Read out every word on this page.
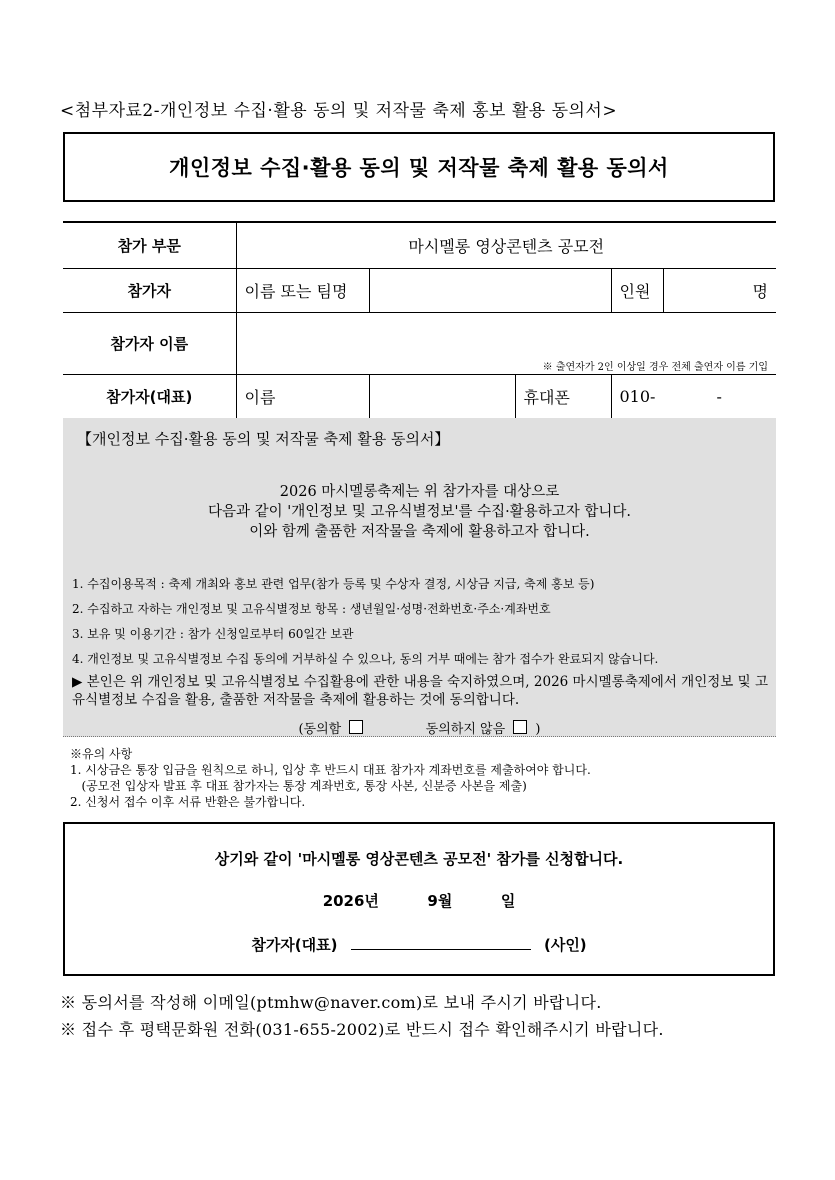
<첨부자료2-개인정보 수집·활용 동의 및 저작물 축제 홍보 활용 동의서>
개인정보 수집·활용 동의 및 저작물 축제 활용 동의서
참가 부문	마시멜롱 영상콘텐츠 공모전				
참가자	이름 또는 팀명			인원	명
참가자 이름	※ 출연자가 2인 이상일 경우 전체 출연자 이름 기입				

참가자(대표)	이름		휴대폰	010-            -	
【개인정보 수집·활용 동의 및 저작물 축제 활용 동의서】
2026 마시멜롱축제는 위 참가자를 대상으로
다음과 같이 '개인정보 및 고유식별정보'를 수집·활용하고자 합니다.
이와 함께 출품한 저작물을 축제에 활용하고자 합니다.
1. 수집이용목적 : 축제 개최와 홍보 관련 업무(참가 등록 및 수상자 결정, 시상금 지급, 축제 홍보 등)
2. 수집하고 자하는 개인정보 및 고유식별정보 항목 : 생년월일·성명·전화번호·주소·계좌번호
3. 보유 및 이용기간 : 참가 신청일로부터 60일간 보관
4. 개인정보 및 고유식별정보 수집 동의에 거부하실 수 있으나, 동의 거부 때에는 참가 접수가 완료되지 않습니다.
▶ 본인은 위 개인정보 및 고유식별정보 수집활용에 관한 내용을 숙지하였으며, 2026 마시멜롱축제에서 개인정보 및 고유식별정보 수집을 활용, 출품한 저작물을 축제에 활용하는 것에 동의합니다.
(동의함	동의하지 않음 )
※유의 사항
1. 시상금은 통장 입금을 원칙으로 하니, 입상 후 반드시 대표 참가자 계좌번호를 제출하여야 합니다.
(공모전 입상자 발표 후 대표 참가자는 통장 계좌번호, 통장 사본, 신분증 사본을 제출)
2. 신청서 접수 이후 서류 반환은 불가합니다.
상기와 같이 '마시멜롱 영상콘텐츠 공모전' 참가를 신청합니다.
2026년	9월	일
참가자(대표)	(사인)
※ 동의서를 작성해 이메일(ptmhw@naver.com)로 보내 주시기 바랍니다.
※ 접수 후 평택문화원 전화(031-655-2002)로 반드시 접수 확인해주시기 바랍니다.
